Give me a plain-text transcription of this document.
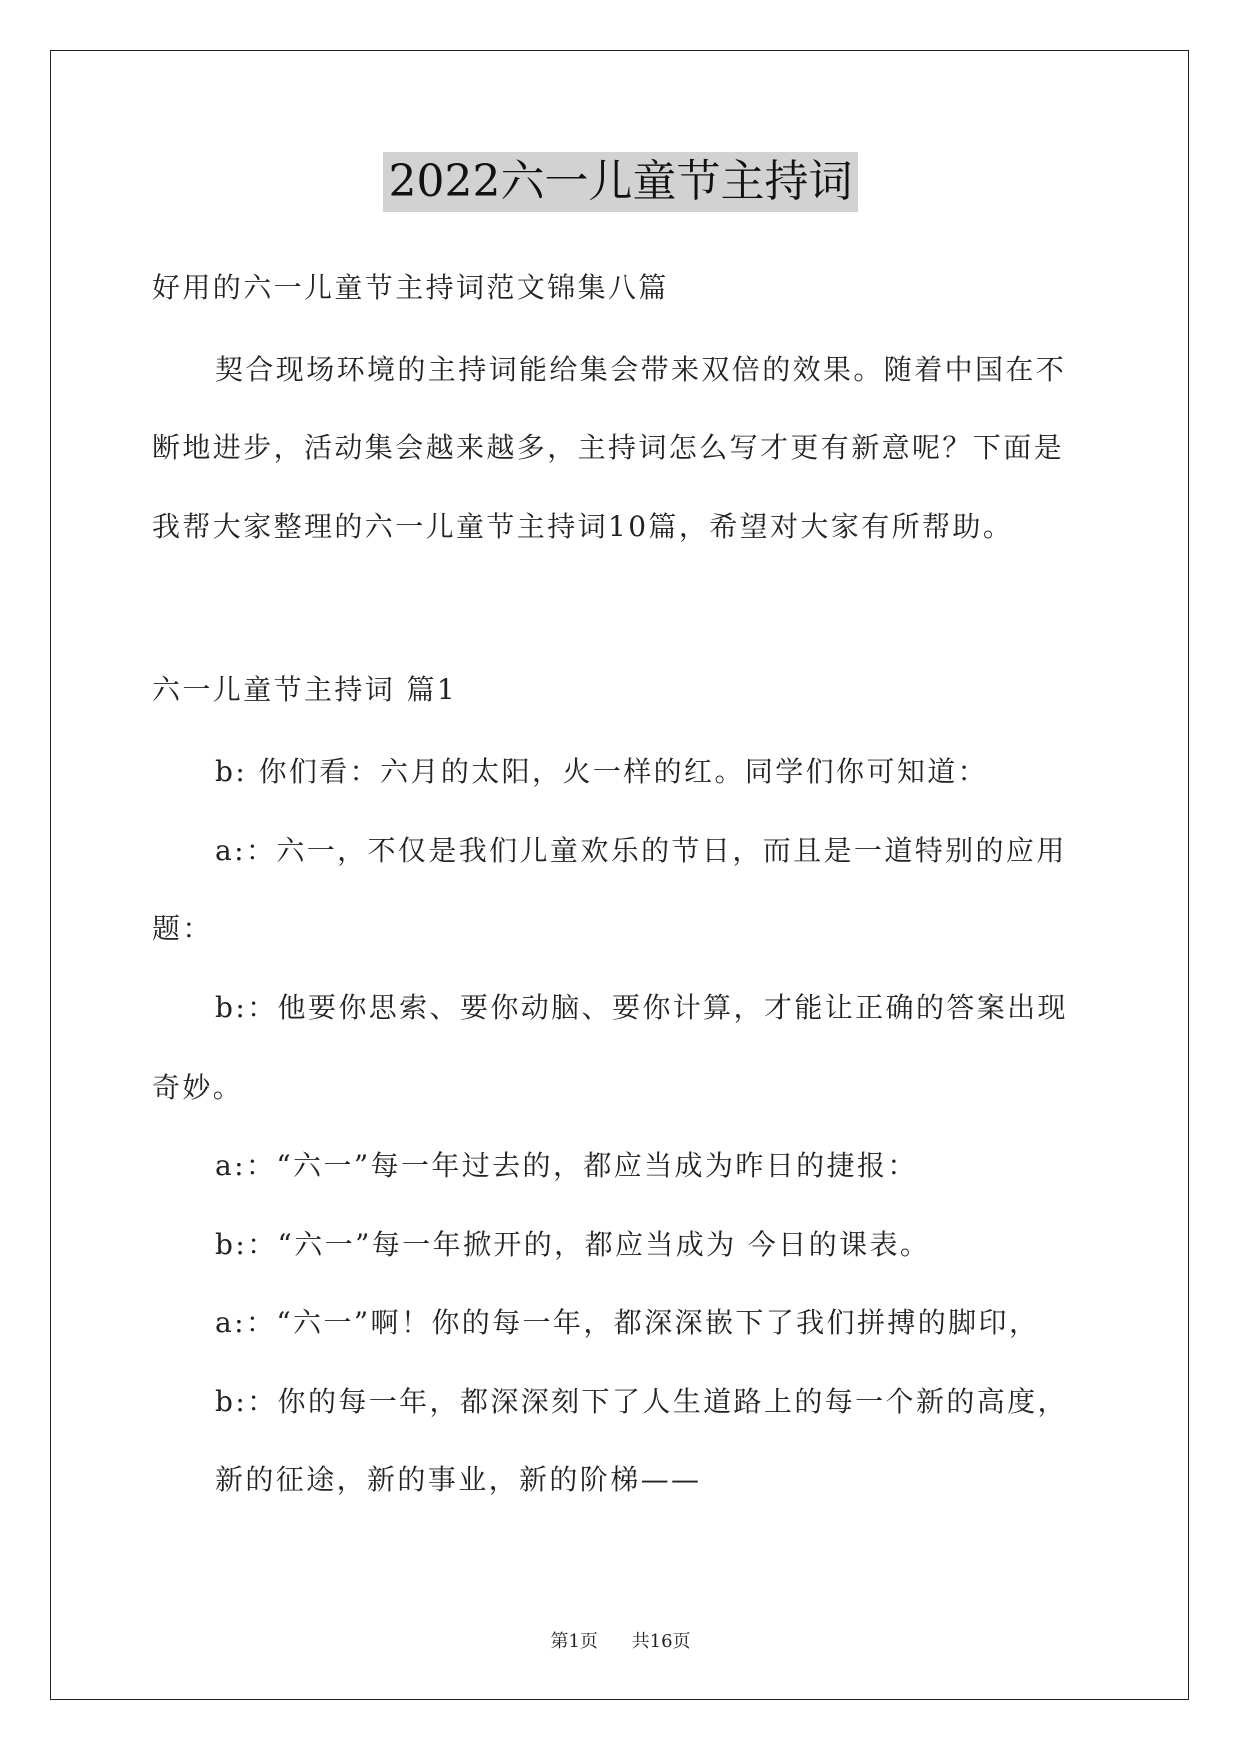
2022六一儿童节主持词
好用的六一儿童节主持词范文锦集八篇
契合现场环境的主持词能给集会带来双倍的效果。随着中国在不
断地进步，活动集会越来越多，主持词怎么写才更有新意呢？下面是
我帮大家整理的六一儿童节主持词10篇，希望对大家有所帮助。
六一儿童节主持词 篇1
b: 你们看：六月的太阳，火一样的红。同学们你可知道：
a:：六一，不仅是我们儿童欢乐的节日，而且是一道特别的应用
题：
b:：他要你思索、要你动脑、要你计算，才能让正确的答案出现
奇妙。
a:：“六一”每一年过去的，都应当成为昨日的捷报：
b:：“六一”每一年掀开的，都应当成为 今日的课表。
a:：“六一”啊！你的每一年，都深深嵌下了我们拼搏的脚印，
b:：你的每一年，都深深刻下了人生道路上的每一个新的高度，
新的征途，新的事业，新的阶梯——
第1页 共16页
